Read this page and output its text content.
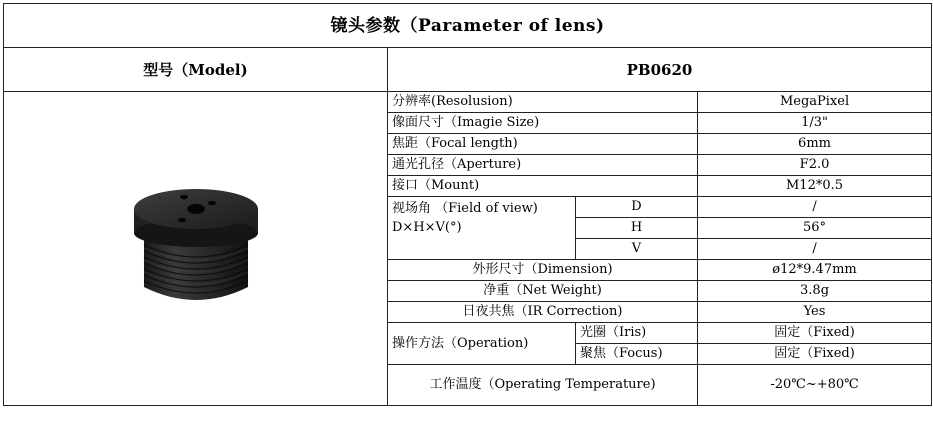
镜头参数（Parameter of lens)			
型号（Model)	PB0620		
	分辨率(Resolusion)		MegaPixel
	像面尺寸（Imagie Size)		1/3"
	焦距（Focal length)		6mm
	通光孔径（Aperture)		F2.0
	接口（Mount)		M12*0.5
	视场角 （Field of view) D×H×V(°)	D	/
		H	56°
		V	/
	外形尺寸（Dimension)		ø12*9.47mm
	净重（Net Weight)		3.8g
	日夜共焦（IR Correction)		Yes
	操作方法（Operation)	光圈（Iris)	固定（Fixed)
		聚焦（Focus)	固定（Fixed)
	工作温度（Operating Temperature)		-20℃~+80℃
